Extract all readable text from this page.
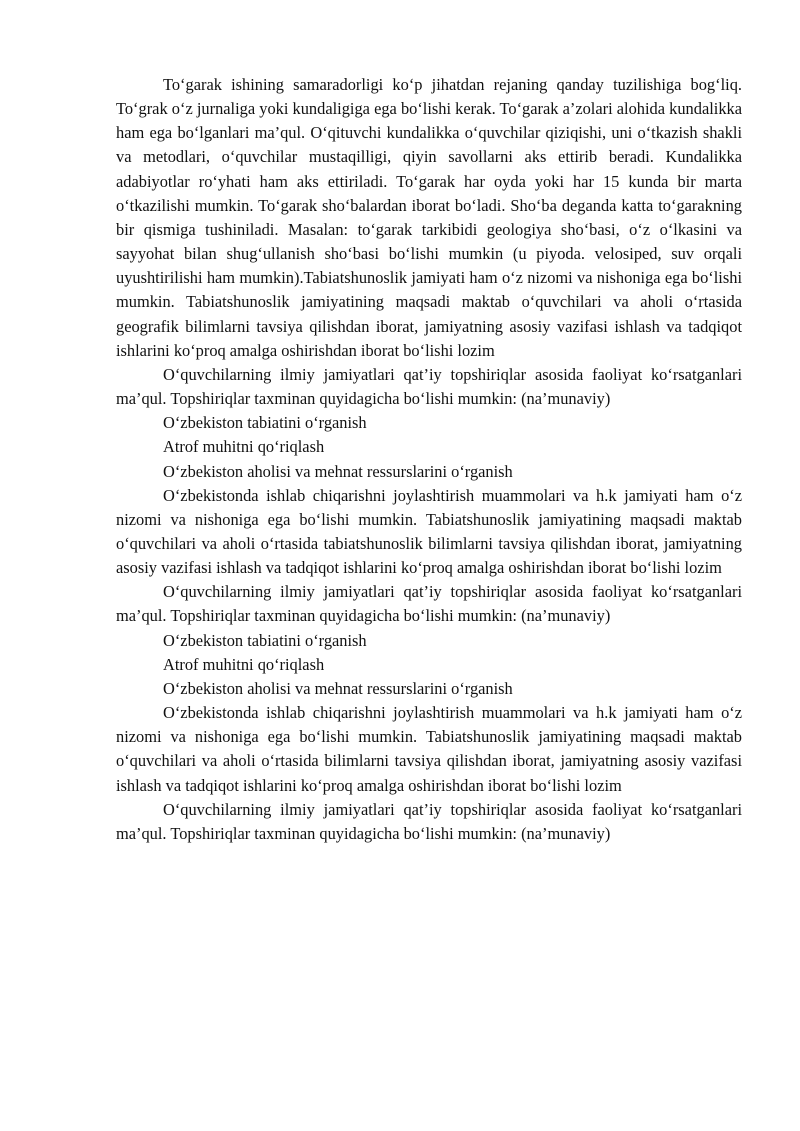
To‘garak ishining samaradorligi ko‘p jihatdan rejaning qanday tuzilishiga bog‘liq. To‘grak o‘z jurnaliga yoki kundaligiga ega bo‘lishi kerak. To‘garak a’zolari alohida kundalikka ham ega bo‘lganlari ma’qul. O‘qituvchi kundalikka o‘quvchilar qiziqishi, uni o‘tkazish shakli va metodlari, o‘quvchilar mustaqilligi, qiyin savollarni aks ettirib beradi. Kundalikka adabiyotlar ro‘yhati ham aks ettiriladi. To‘garak har oyda yoki har 15 kunda bir marta o‘tkazilishi mumkin. To‘garak sho‘balardan iborat bo‘ladi. Sho‘ba deganda katta to‘garakning bir qismiga tushiniladi. Masalan: to‘garak tarkibidi geologiya sho‘basi, o‘z o‘lkasini va sayyohat bilan shug‘ullanish sho‘basi bo‘lishi mumkin (u piyoda. velosiped, suv orqali uyushtirilishi ham mumkin).Tabiatshunoslik jamiyati ham o‘z nizomi va nishoniga ega bo‘lishi mumkin. Tabiatshunoslik jamiyatining maqsadi maktab o‘quvchilari va aholi o‘rtasida geografik bilimlarni tavsiya qilishdan iborat, jamiyatning asosiy vazifasi ishlash va tadqiqot ishlarini ko‘proq amalga oshirishdan iborat bo‘lishi lozim

O‘quvchilarning ilmiy jamiyatlari qat’iy topshiriqlar asosida faoliyat ko‘rsatganlari ma’qul. Topshiriqlar taxminan quyidagicha bo‘lishi mumkin: (na’munaviy)

O‘zbekiston tabiatini o‘rganish

Atrof muhitni qo‘riqlash

O‘zbekiston aholisi va mehnat ressurslarini o‘rganish

O‘zbekistonda ishlab chiqarishni joylashtirish muammolari va h.k jamiyati ham o‘z nizomi va nishoniga ega bo‘lishi mumkin. Tabiatshunoslik jamiyatining maqsadi maktab o‘quvchilari va aholi o‘rtasida tabiatshunoslik bilimlarni tavsiya qilishdan iborat, jamiyatning asosiy vazifasi ishlash va tadqiqot ishlarini ko‘proq amalga oshirishdan iborat bo‘lishi lozim

O‘quvchilarning ilmiy jamiyatlari qat’iy topshiriqlar asosida faoliyat ko‘rsatganlari ma’qul. Topshiriqlar taxminan quyidagicha bo‘lishi mumkin: (na’munaviy)

O‘zbekiston tabiatini o‘rganish

Atrof muhitni qo‘riqlash

O‘zbekiston aholisi va mehnat ressurslarini o‘rganish

O‘zbekistonda ishlab chiqarishni joylashtirish muammolari va h.k jamiyati ham o‘z nizomi va nishoniga ega bo‘lishi mumkin. Tabiatshunoslik jamiyatining maqsadi maktab o‘quvchilari va aholi o‘rtasida bilimlarni tavsiya qilishdan iborat, jamiyatning asosiy vazifasi ishlash va tadqiqot ishlarini ko‘proq amalga oshirishdan iborat bo‘lishi lozim

O‘quvchilarning ilmiy jamiyatlari qat’iy topshiriqlar asosida faoliyat ko‘rsatganlari ma’qul. Topshiriqlar taxminan quyidagicha bo‘lishi mumkin: (na’munaviy)
